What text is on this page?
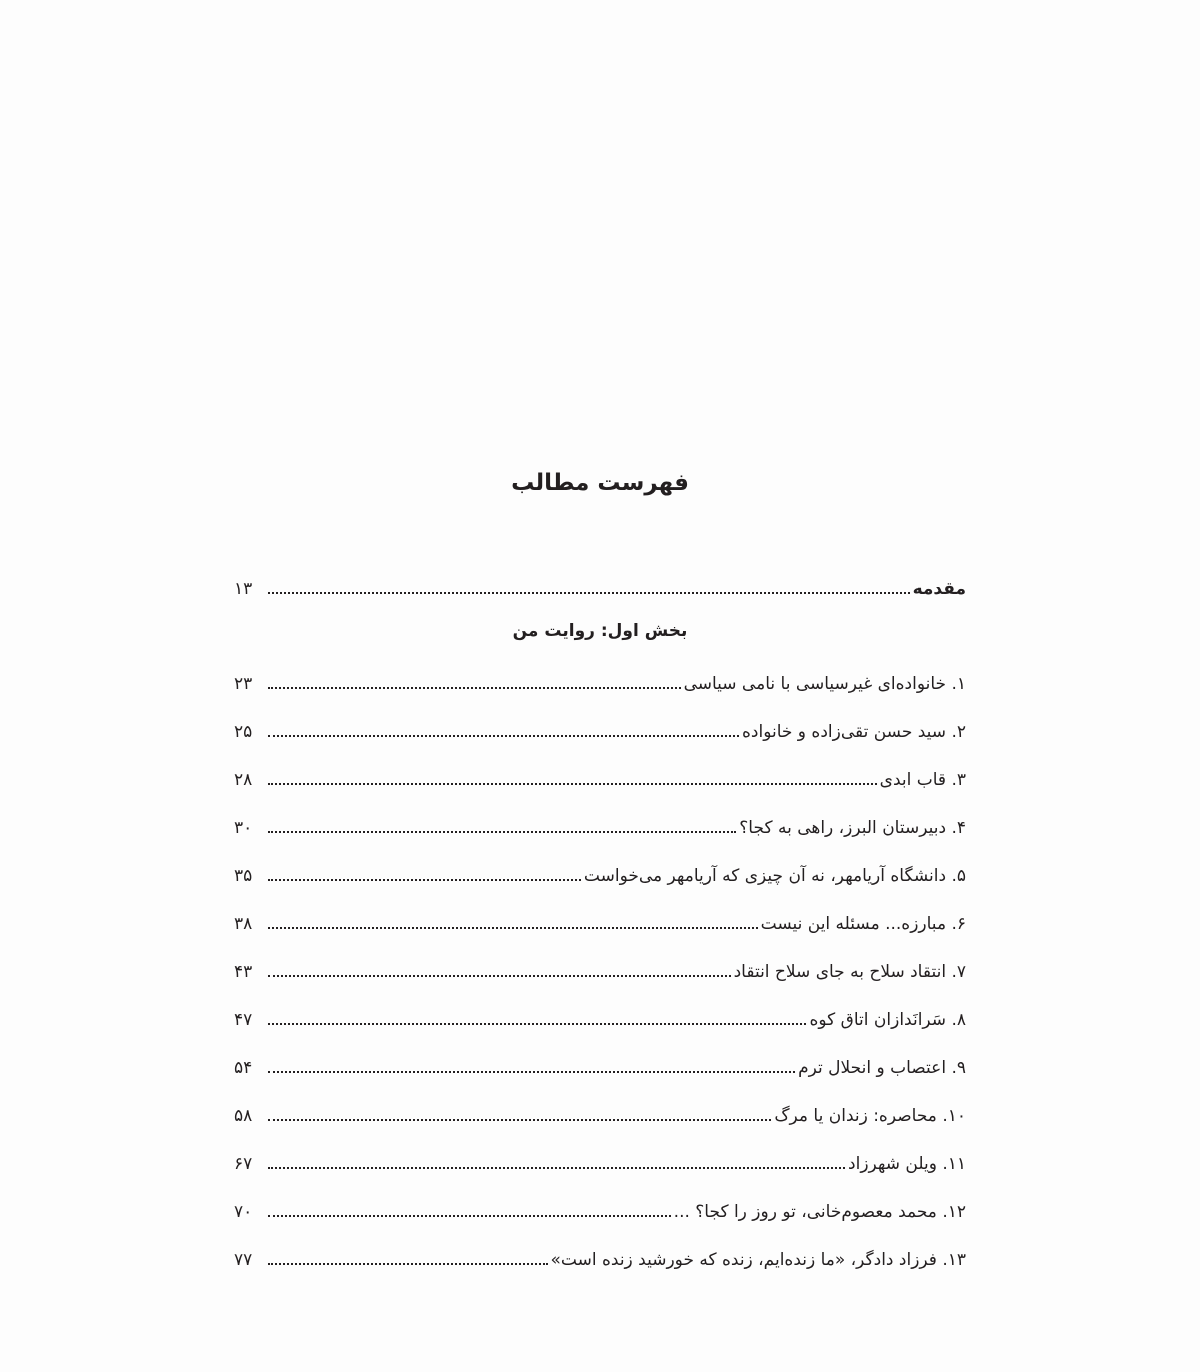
فهرست مطالب
مقدمه
۱۳
بخش اول: روایت من
۱. خانواده‌ای غیرسیاسی با نامی سیاسی
۲۳
۲. سید حسن تقی‌زاده و خانواده
۲۵
۳. قاب ابدی
۲۸
۴. دبیرستان البرز، راهی به کجا؟
۳۰
۵. دانشگاه آریامهر، نه آن چیزی که آریامهر می‌خواست
۳۵
۶. مبارزه... مسئله این نیست
۳۸
۷. انتقاد سلاح به جای سلاح انتقاد
۴۳
۸. سَرانَدازان اتاق کوه
۴۷
۹. اعتصاب و انحلال ترم
۵۴
۱۰. محاصره: زندان یا مرگ
۵۸
۱۱. ویلن شهرزاد
۶۷
۱۲. محمد معصوم‌خانی، تو روز را کجا؟ ...
۷۰
۱۳. فرزاد دادگر، «ما زنده‌ایم، زنده که خورشید زنده است»
۷۷
